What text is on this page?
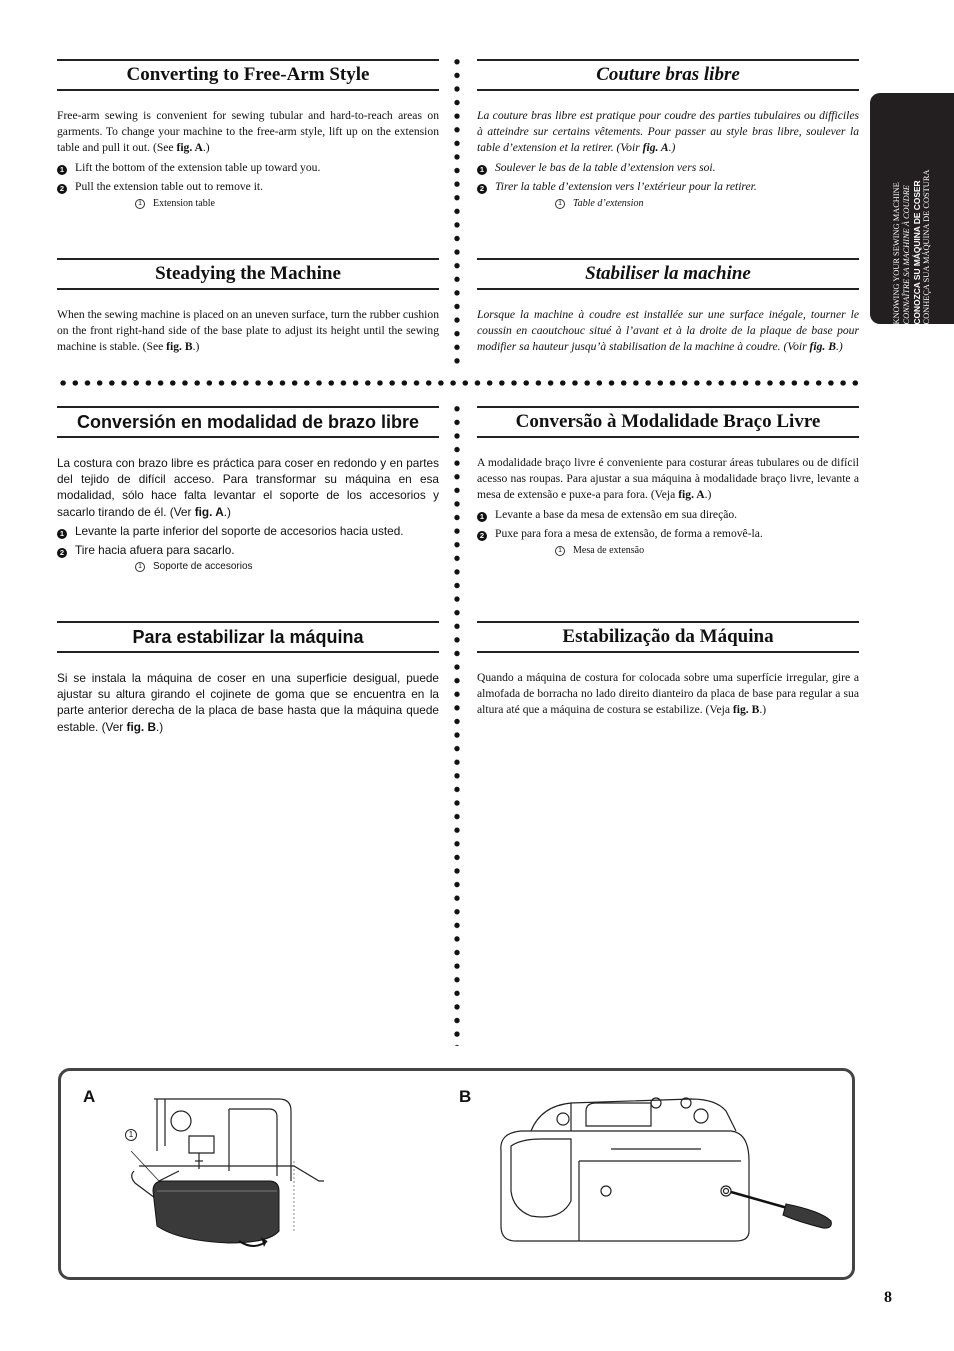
KNOWING YOUR SEWING MACHINE CONNAÎTRE SA MACHINE À COUDRE CONOZCA SU MÁQUINA DE COSER CONHEÇA SUA MÁQUINA DE COSTURA
Converting to Free-Arm Style
Free-arm sewing is convenient for sewing tubular and hard-to-reach areas on garments. To change your machine to the free-arm style, lift up on the extension table and pull it out. (See fig. A.)
1 Lift the bottom of the extension table up toward you.
2 Pull the extension table out to remove it.
1	Extension table
Couture bras libre
La couture bras libre est pratique pour coudre des parties tubulaires ou difficiles à atteindre sur certains vêtements. Pour passer au style bras libre, soulever la table d’extension et la retirer. (Voir fig. A.)
1 Soulever le bas de la table d’extension vers soi.
2 Tirer la table d’extension vers l’extérieur pour la retirer.
1	Table d’extension
Steadying the Machine
When the sewing machine is placed on an uneven surface, turn the rubber cushion on the front right-hand side of the base plate to adjust its height until the sewing machine is stable. (See fig. B.)
Stabiliser la machine
Lorsque la machine à coudre est installée sur une surface inégale, tourner le coussin en caoutchouc situé à l’avant et à la droite de la plaque de base pour modifier sa hauteur jusqu’à stabilisation de la machine à coudre. (Voir fig. B.)
Conversión en modalidad de brazo libre
La costura con brazo libre es práctica para coser en redondo y en partes del tejido de difícil acceso. Para transformar su máquina en esa modalidad, sólo hace falta levantar el soporte de los accesorios y sacarlo tirando de él. (Ver fig. A.)
1 Levante la parte inferior del soporte de accesorios hacia usted.
2 Tire hacia afuera para sacarlo.
1	Soporte de accesorios
Conversão à Modalidade Braço Livre
A modalidade braço livre é conveniente para costurar áreas tubulares ou de difícil acesso nas roupas. Para ajustar a sua máquina à modalidade braço livre, levante a mesa de extensão e puxe-a para fora. (Veja fig. A.)
1 Levante a base da mesa de extensão em sua direção.
2 Puxe para fora a mesa de extensão, de forma a removê-la.
1	Mesa de extensão
Para estabilizar la máquina
Si se instala la máquina de coser en una superficie desigual, puede ajustar su altura girando el cojinete de goma que se encuentra en la parte anterior derecha de la placa de base hasta que la máquina quede estable. (Ver fig. B.)
Estabilização da Máquina
Quando a máquina de costura for colocada sobre uma superfície irregular, gire a almofada de borracha no lado direito dianteiro da placa de base para regular a sua altura até que a máquina de costura se estabilize. (Veja fig. B.)
A	B
1
8
